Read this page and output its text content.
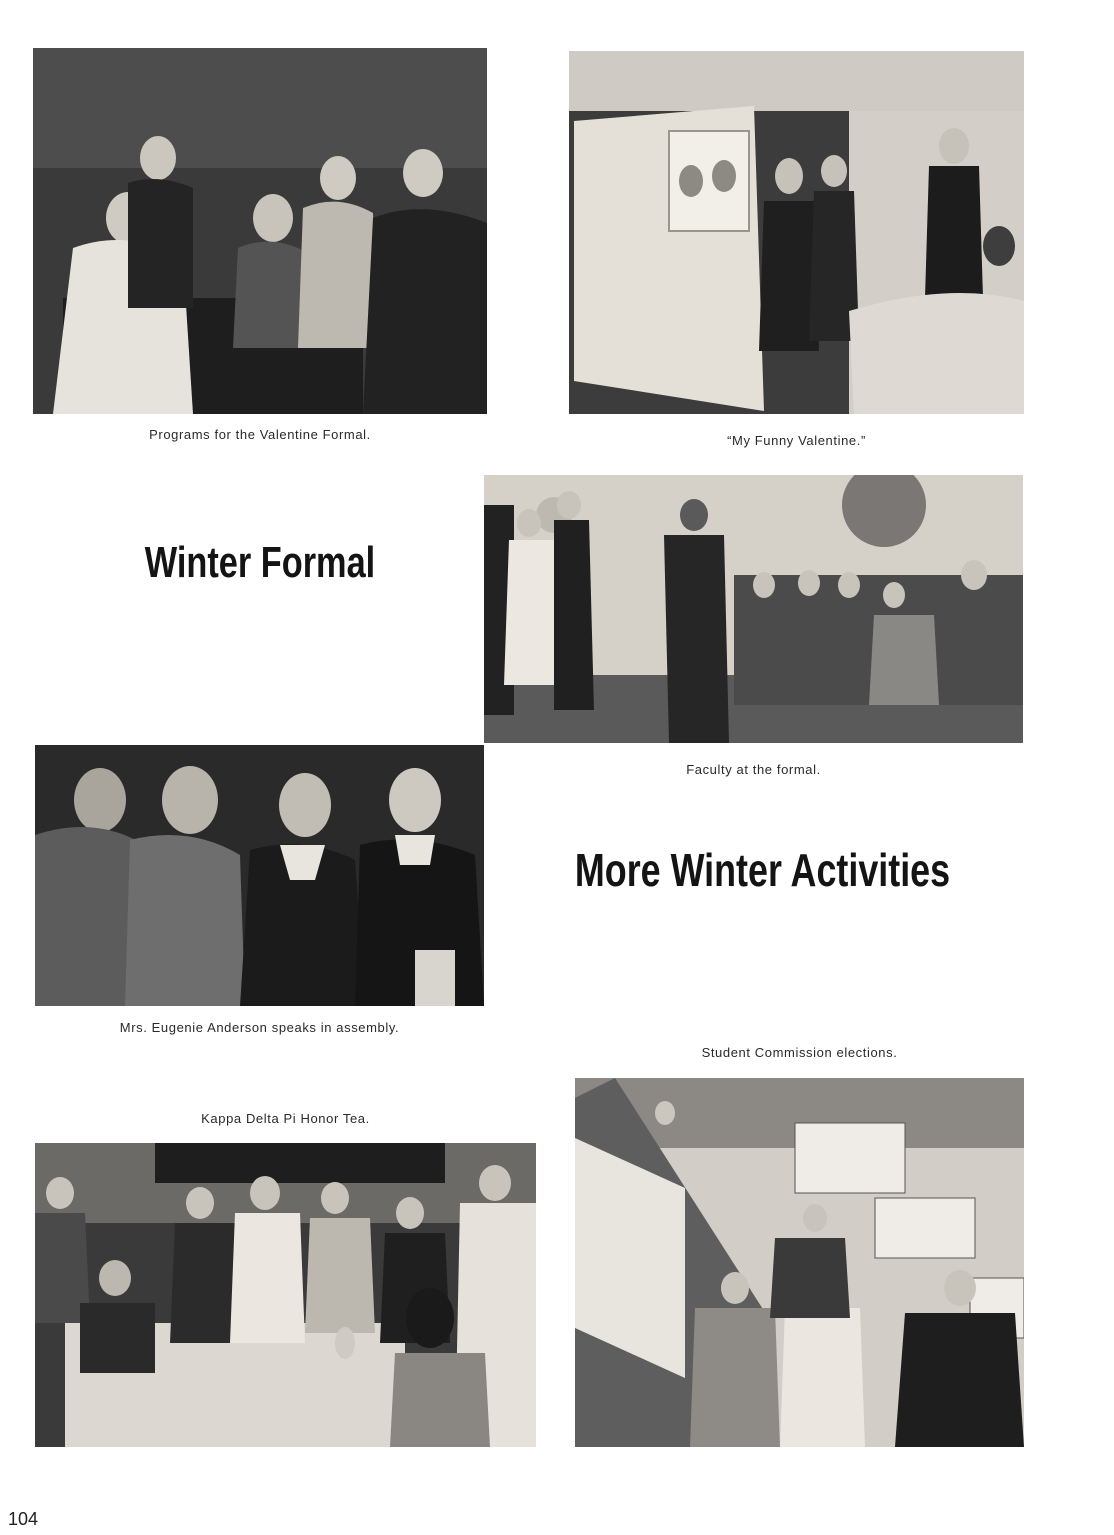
Programs for the Valentine Formal.	“My Funny Valentine.”
Winter Formal
Faculty at the formal.
Mrs. Eugenie Anderson speaks in assembly.
More Winter Activities
Student Commission elections.
Kappa Delta Pi Honor Tea.
104
